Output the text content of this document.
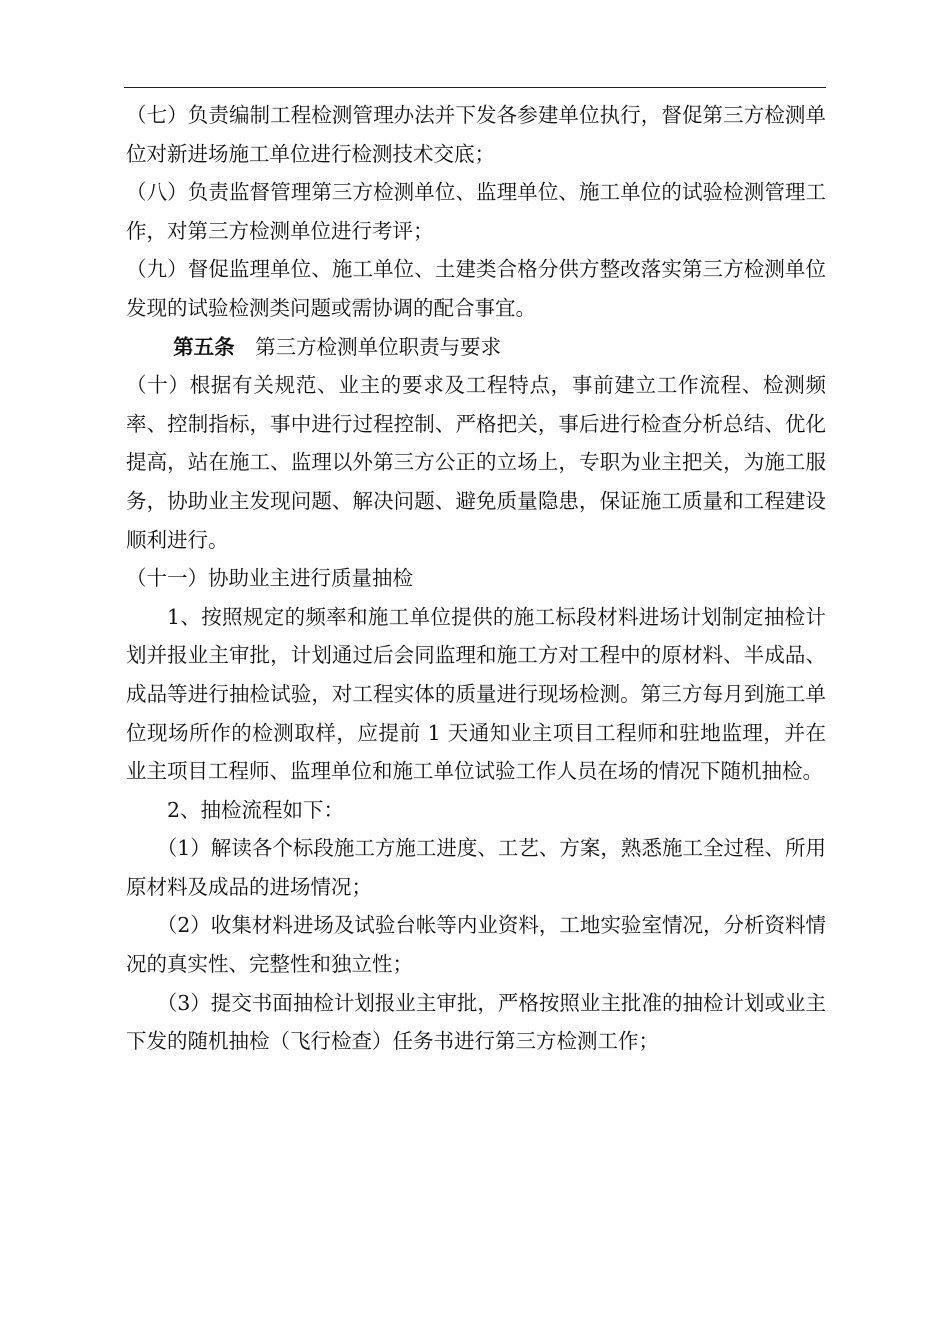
（七）负责编制工程检测管理办法并下发各参建单位执行，督促第三方检测单位对新进场施工单位进行检测技术交底；

（八）负责监督管理第三方检测单位、监理单位、施工单位的试验检测管理工作，对第三方检测单位进行考评；

（九）督促监理单位、施工单位、土建类合格分供方整改落实第三方检测单位发现的试验检测类问题或需协调的配合事宜。

第五条 第三方检测单位职责与要求

（十）根据有关规范、业主的要求及工程特点，事前建立工作流程、检测频率、控制指标，事中进行过程控制、严格把关，事后进行检查分析总结、优化提高，站在施工、监理以外第三方公正的立场上，专职为业主把关，为施工服务，协助业主发现问题、解决问题、避免质量隐患，保证施工质量和工程建设顺利进行。

（十一）协助业主进行质量抽检

1、按照规定的频率和施工单位提供的施工标段材料进场计划制定抽检计划并报业主审批，计划通过后会同监理和施工方对工程中的原材料、半成品、成品等进行抽检试验，对工程实体的质量进行现场检测。第三方每月到施工单位现场所作的检测取样，应提前 1 天通知业主项目工程师和驻地监理，并在业主项目工程师、监理单位和施工单位试验工作人员在场的情况下随机抽检。

2、抽检流程如下：

（1）解读各个标段施工方施工进度、工艺、方案，熟悉施工全过程、所用原材料及成品的进场情况；

（2）收集材料进场及试验台帐等内业资料，工地实验室情况，分析资料情况的真实性、完整性和独立性；

（3）提交书面抽检计划报业主审批，严格按照业主批准的抽检计划或业主下发的随机抽检（飞行检查）任务书进行第三方检测工作；
